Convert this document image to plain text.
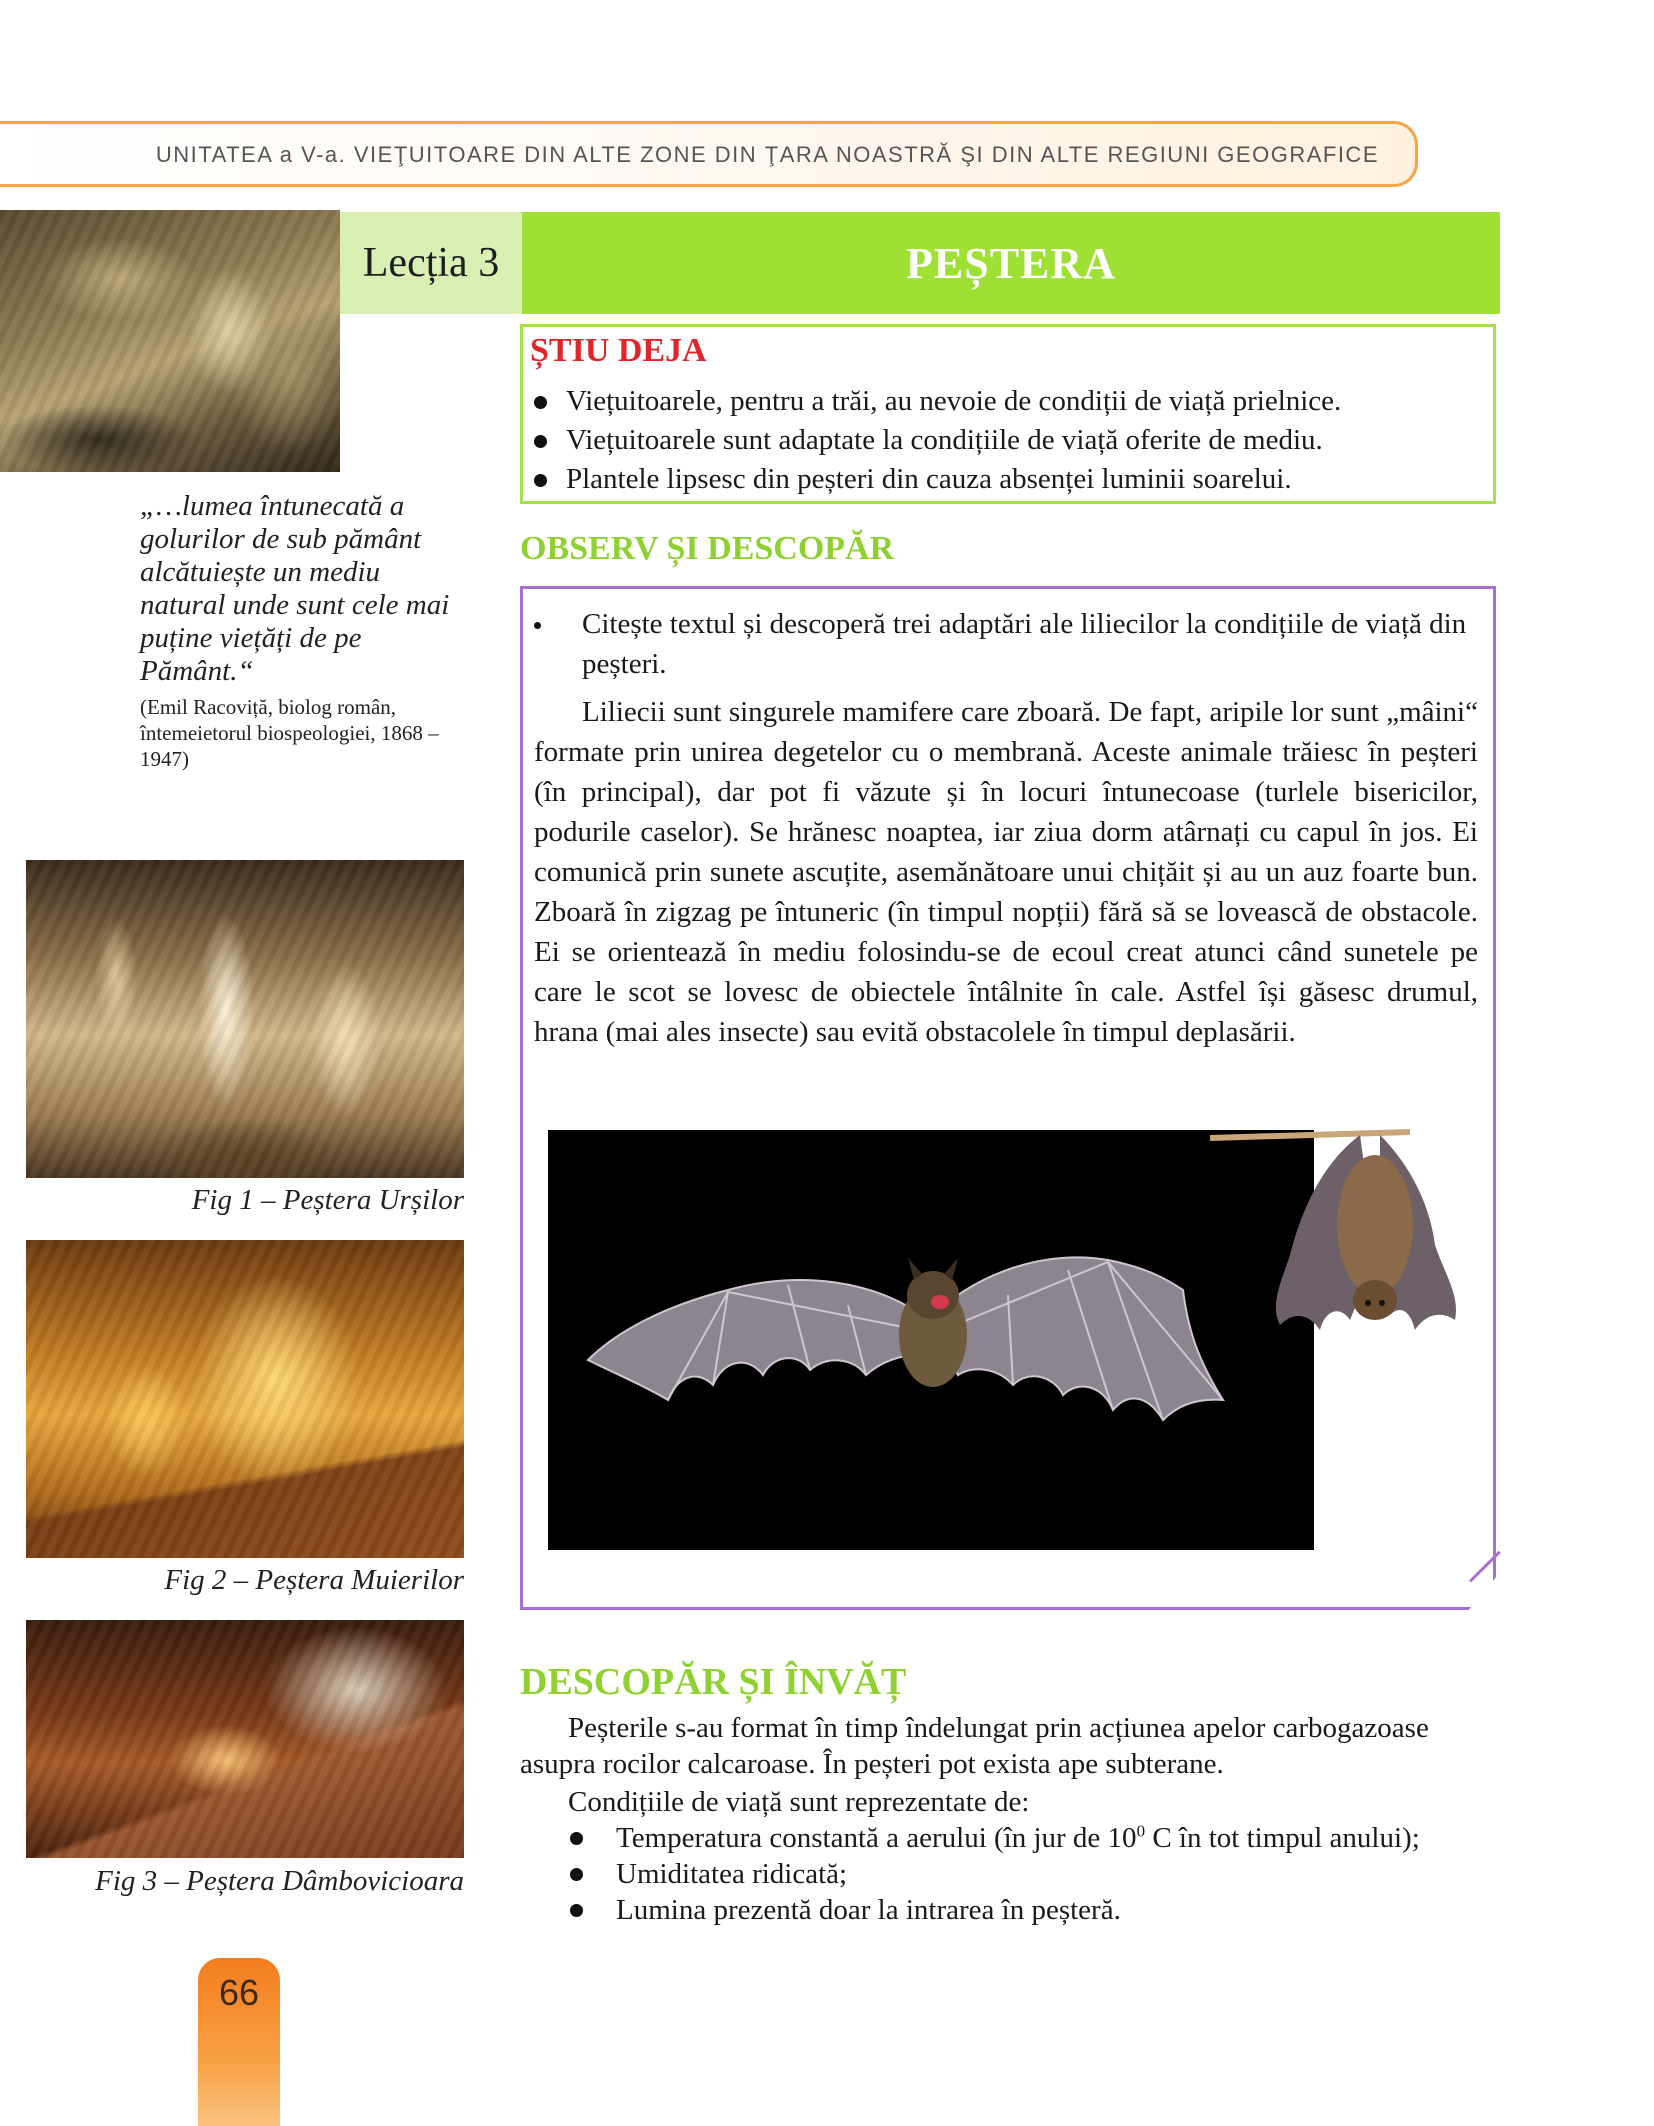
UNITATEA a V-a. VIEŢUITOARE DIN ALTE ZONE DIN ŢARA NOASTRĂ ŞI DIN ALTE REGIUNI GEOGRAFICE
Lecția 3	PEȘTERA
„…lumea întunecată a golurilor de sub pământ alcătuiește un mediu natural unde sunt cele mai puține viețăți de pe Pământ.“
(Emil Racoviță, biolog român, întemeietorul biospeologiei, 1868 – 1947)
Fig 1 – Peștera Urșilor
Fig 2 – Peștera Muierilor
Fig 3 – Peștera Dâmbovicioara
ȘTIU DEJA
Viețuitoarele, pentru a trăi, au nevoie de condiții de viață prielnice.
Viețuitoarele sunt adaptate la condițiile de viață oferite de mediu.
Plantele lipsesc din peșteri din cauza absenței luminii soarelui.
OBSERV ȘI DESCOPĂR
Citește textul și descoperă trei adaptări ale liliecilor la condițiile de viață din peșteri.
Liliecii sunt singurele mamifere care zboară. De fapt, aripile lor sunt „mâini“ formate prin unirea degetelor cu o membrană. Aceste animale trăiesc în peșteri (în principal), dar pot fi văzute și în locuri întunecoase (turlele bisericilor, podurile caselor). Se hrănesc noaptea, iar ziua dorm atârnați cu capul în jos. Ei comunică prin sunete ascuțite, asemănătoare unui chițăit și au un auz foarte bun. Zboară în zigzag pe întuneric (în timpul nopții) fără să se lovească de obstacole. Ei se orientează în mediu folosindu-se de ecoul creat atunci când sunetele pe care le scot se lovesc de obiectele întâlnite în cale. Astfel își găsesc drumul, hrana (mai ales insecte) sau evită obstacolele în timpul deplasării.
DESCOPĂR ȘI ÎNVĂȚ
Peșterile s-au format în timp îndelungat prin acțiunea apelor carbogazoase asupra rocilor calcaroase. În peșteri pot exista ape subterane.
Condițiile de viață sunt reprezentate de:
Temperatura constantă a aerului (în jur de $10^0$ C în tot timpul anului);
Umiditatea ridicată;
Lumina prezentă doar la intrarea în peșteră.
66
